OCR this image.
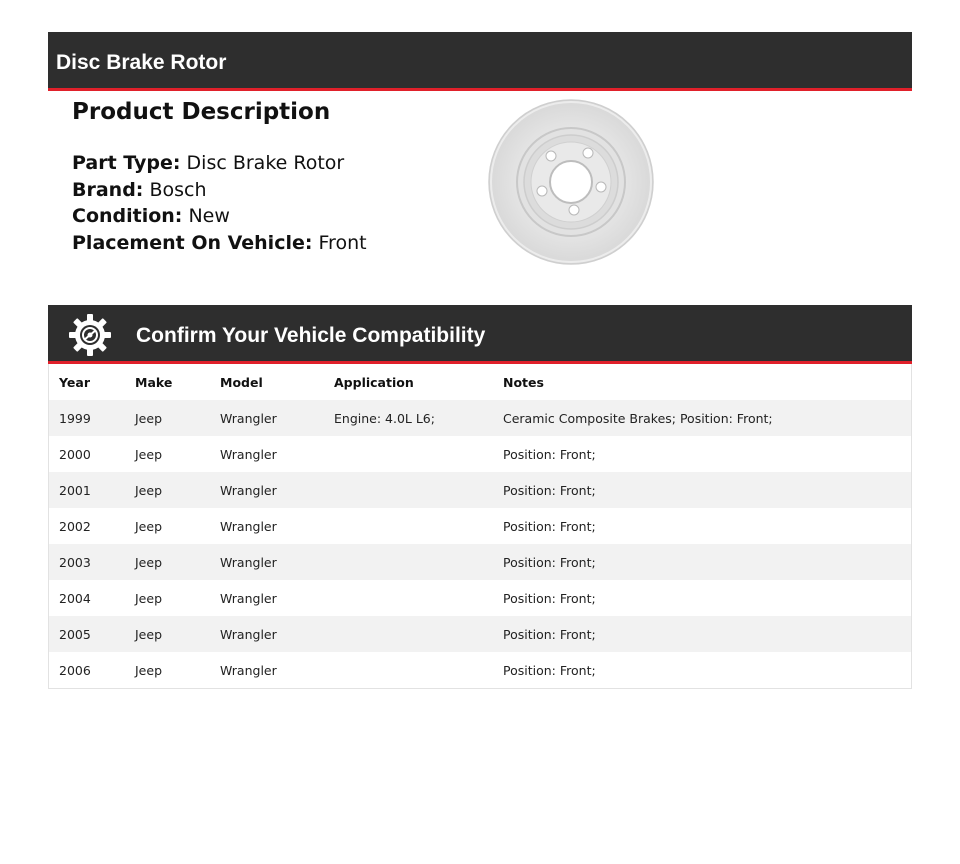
Disc Brake Rotor
Product Description
Part Type: Disc Brake Rotor
Brand: Bosch
Condition: New
Placement On Vehicle: Front
Confirm Your Vehicle Compatibility
Year	Make	Model	Application	Notes
1999	Jeep	Wrangler	Engine: 4.0L L6;	Ceramic Composite Brakes; Position: Front;
2000	Jeep	Wrangler		Position: Front;
2001	Jeep	Wrangler		Position: Front;
2002	Jeep	Wrangler		Position: Front;
2003	Jeep	Wrangler		Position: Front;
2004	Jeep	Wrangler		Position: Front;
2005	Jeep	Wrangler		Position: Front;
2006	Jeep	Wrangler		Position: Front;
